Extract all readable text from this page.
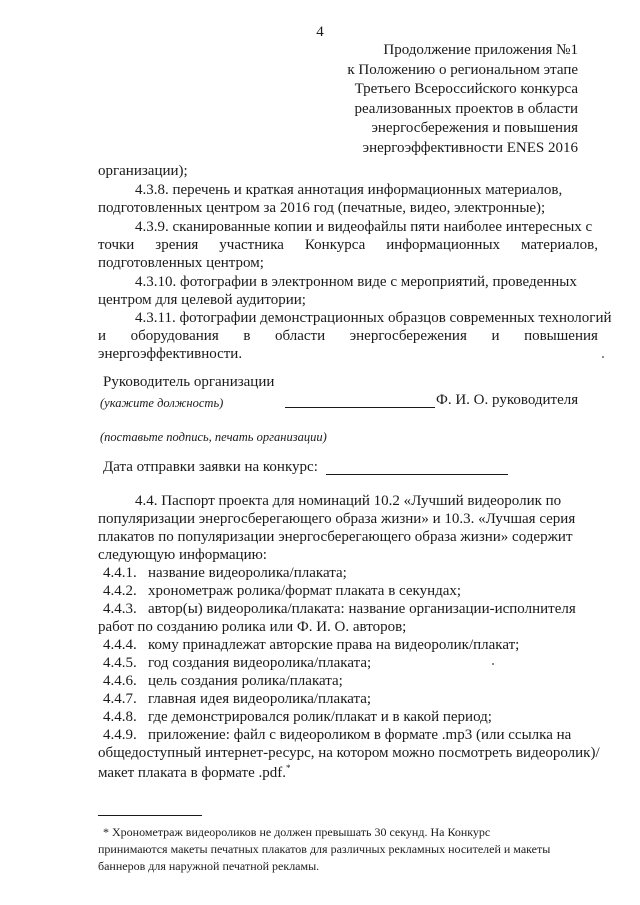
4
Продолжение приложения №1
к Положению о региональном этапе
Третьего Всероссийского конкурса
реализованных проектов в области
энергосбережения и повышения
энергоэффективности ENES 2016
организации);
4.3.8. перечень и краткая аннотация информационных материалов,
подготовленных центром за 2016 год (печатные, видео, электронные);
4.3.9. сканированные копии и видеофайлы пяти наиболее интересных с
точки зрения участника Конкурса информационных материалов,
подготовленных центром;
4.3.10. фотографии в электронном виде с мероприятий, проведенных
центром для целевой аудитории;
4.3.11. фотографии демонстрационных образцов современных технологий
и оборудования в области энергосбережения и повышения
энергоэффективности.
Руководитель организации
(укажите должность)	Ф. И. О. руководителя
(поставьте подпись, печать организации)
Дата отправки заявки на конкурс:
4.4. Паспорт проекта для номинаций 10.2 «Лучший видеоролик по
популяризации энергосберегающего образа жизни» и 10.3. «Лучшая серия
плакатов по популяризации энергосберегающего образа жизни» содержит
следующую информацию:
4.4.1. название видеоролика/плаката;
4.4.2. хронометраж ролика/формат плаката в секундах;
4.4.3. автор(ы) видеоролика/плаката: название организации-исполнителя
работ по созданию ролика или Ф. И. О. авторов;
4.4.4. кому принадлежат авторские права на видеоролик/плакат;
4.4.5. год создания видеоролика/плаката;
4.4.6. цель создания ролика/плаката;
4.4.7. главная идея видеоролика/плаката;
4.4.8. где демонстрировался ролик/плакат и в какой период;
4.4.9. приложение: файл с видеороликом в формате .mp3 (или ссылка на
общедоступный интернет-ресурс, на котором можно посмотреть видеоролик)/
макет плаката в формате .pdf.*
* Хронометраж видеороликов не должен превышать 30 секунд. На Конкурс
принимаются макеты печатных плакатов для различных рекламных носителей и макеты
баннеров для наружной печатной рекламы.
